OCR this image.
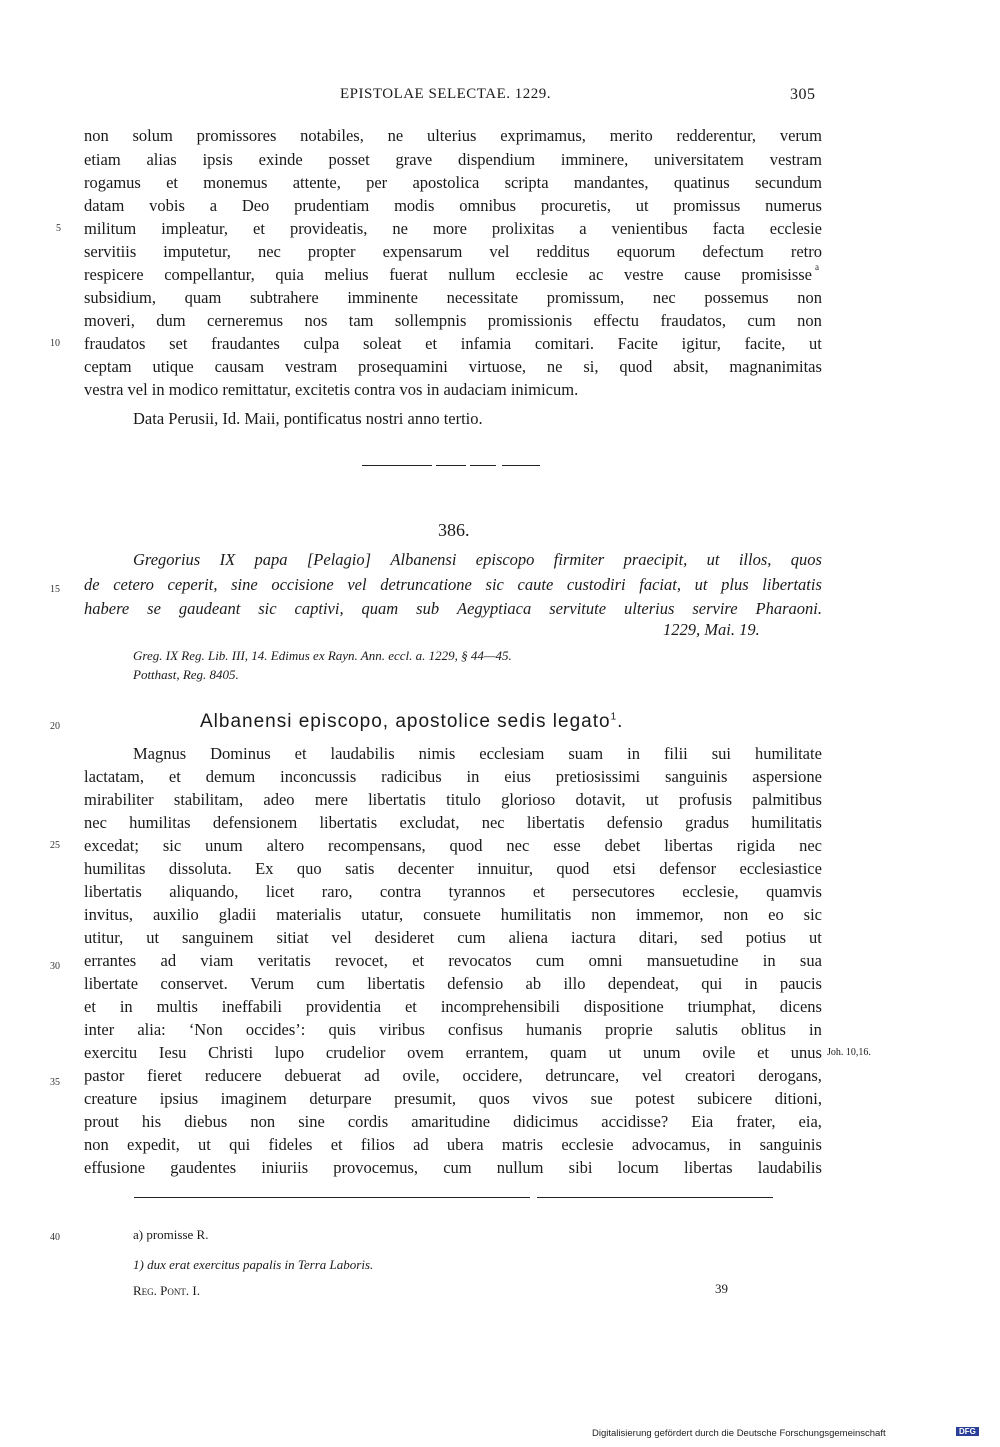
EPISTOLAE SELECTAE. 1229.	305
non solum promissores notabiles, ne ulterius exprimamus, merito redderentur, verum
etiam alias ipsis exinde posset grave dispendium imminere, universitatem vestram
rogamus et monemus attente, per apostolica scripta mandantes, quatinus secundum
datam vobis a Deo prudentiam modis omnibus procuretis, ut promissus numerus
militum impleatur, et provideatis, ne more prolixitas a venientibus facta ecclesie
servitiis imputetur, nec propter expensarum vel redditus equorum defectum retro
respicere compellantur, quia melius fuerat nullum ecclesie ac vestre cause promisisse a
subsidium, quam subtrahere imminente necessitate promissum, nec possemus non
moveri, dum cerneremus nos tam sollempnis promissionis effectu fraudatos, cum non
fraudatos set fraudantes culpa soleat et infamia comitari. Facite igitur, facite, ut
ceptam utique causam vestram prosequamini virtuose, ne si, quod absit, magnanimitas
vestra vel in modico remittatur, excitetis contra vos in audaciam inimicum.
Data Perusii, Id. Maii, pontificatus nostri anno tertio.
5
10
15
20
25
30
35
40
386.
Gregorius IX papa [Pelagio] Albanensi episcopo firmiter praecipit, ut illos, quos
de cetero ceperit, sine occisione vel detruncatione sic caute custodiri faciat, ut plus libertatis
habere se gaudeant sic captivi, quam sub Aegyptiaca servitute ulterius servire Pharaoni.
1229, Mai. 19.
Greg. IX Reg. Lib. III, 14. Edimus ex Rayn. Ann. eccl. a. 1229, § 44—45.
Potthast, Reg. 8405.
Albanensi episcopo, apostolice sedis legato$^1$.
Magnus Dominus et laudabilis nimis ecclesiam suam in filii sui humilitate
lactatam, et demum inconcussis radicibus in eius pretiosissimi sanguinis aspersione
mirabiliter stabilitam, adeo mere libertatis titulo glorioso dotavit, ut profusis palmitibus
nec humilitas defensionem libertatis excludat, nec libertatis defensio gradus humilitatis
excedat; sic unum altero recompensans, quod nec esse debet libertas rigida nec
humilitas dissoluta. Ex quo satis decenter innuitur, quod etsi defensor ecclesiastice
libertatis aliquando, licet raro, contra tyrannos et persecutores ecclesie, quamvis
invitus, auxilio gladii materialis utatur, consuete humilitatis non immemor, non eo sic
utitur, ut sanguinem sitiat vel desideret cum aliena iactura ditari, sed potius ut
errantes ad viam veritatis revocet, et revocatos cum omni mansuetudine in sua
libertate conservet. Verum cum libertatis defensio ab illo dependeat, qui in paucis
et in multis ineffabili providentia et incomprehensibili dispositione triumphat, dicens
inter alia: ‘Non occides’: quis viribus confisus humanis proprie salutis oblitus in
exercitu Iesu Christi lupo crudelior ovem errantem, quam ut unum ovile et unus
pastor fieret reducere debuerat ad ovile, occidere, detruncare, vel creatori derogans,
creature ipsius imaginem deturpare presumit, quos vivos sue potest subicere ditioni,
prout his diebus non sine cordis amaritudine didicimus accidisse? Eia frater, eia,
non expedit, ut qui fideles et filios ad ubera matris ecclesie advocamus, in sanguinis
effusione gaudentes iniuriis provocemus, cum nullum sibi locum libertas laudabilis
Joh. 10,16.
a) promisse R.
1) dux erat exercitus papalis in Terra Laboris.
Reg. Pont. I.	39
Digitalisierung gefördert durch die Deutsche Forschungsgemeinschaft	DFG
